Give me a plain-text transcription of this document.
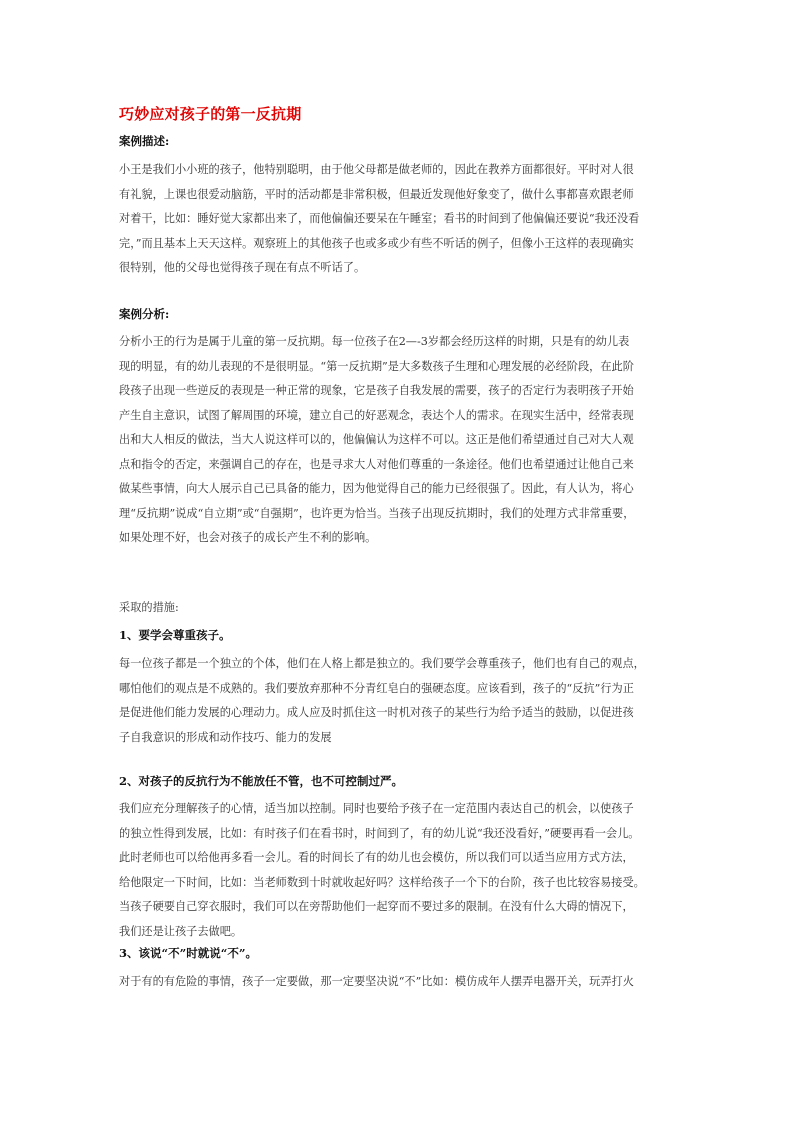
巧妙应对孩子的第一反抗期
案例描述:
小王是我们小小班的孩子，他特别聪明，由于他父母都是做老师的，因此在教养方面都很好。平时对人很
有礼貌，上课也很爱动脑筋，平时的活动都是非常积极，但最近发现他好象变了，做什么事都喜欢跟老师
对着干，比如：睡好觉大家都出来了，而他偏偏还要呆在午睡室；看书的时间到了他偏偏还要说“我还没看
完，”而且基本上天天这样。观察班上的其他孩子也或多或少有些不听话的例子，但像小王这样的表现确实
很特别，他的父母也觉得孩子现在有点不听话了。
案例分析:
分析小王的行为是属于儿童的第一反抗期。每一位孩子在2—-3岁都会经历这样的时期，只是有的幼儿表
现的明显，有的幼儿表现的不是很明显。“第一反抗期”是大多数孩子生理和心理发展的必经阶段，在此阶
段孩子出现一些逆反的表现是一种正常的现象，它是孩子自我发展的需要，孩子的否定行为表明孩子开始
产生自主意识，试图了解周围的环境，建立自己的好恶观念，表达个人的需求。在现实生活中，经常表现
出和大人相反的做法，当大人说这样可以的，他偏偏认为这样不可以。这正是他们希望通过自己对大人观
点和指令的否定，来强调自己的存在，也是寻求大人对他们尊重的一条途径。他们也希望通过让他自己来
做某些事情，向大人展示自己已具备的能力，因为他觉得自己的能力已经很强了。因此，有人认为，将心
理“反抗期”说成“自立期”或“自强期”，也许更为恰当。当孩子出现反抗期时，我们的处理方式非常重要，
如果处理不好，也会对孩子的成长产生不利的影响。
采取的措施:
1、要学会尊重孩子。
每一位孩子都是一个独立的个体，他们在人格上都是独立的。我们要学会尊重孩子，他们也有自己的观点，
哪怕他们的观点是不成熟的。我们要放弃那种不分青红皂白的强硬态度。应该看到，孩子的“反抗”行为正
是促进他们能力发展的心理动力。成人应及时抓住这一时机对孩子的某些行为给予适当的鼓励，以促进孩
子自我意识的形成和动作技巧、能力的发展
2、对孩子的反抗行为不能放任不管，也不可控制过严。
我们应充分理解孩子的心情，适当加以控制。同时也要给予孩子在一定范围内表达自己的机会，以使孩子
的独立性得到发展，比如：有时孩子们在看书时，时间到了，有的幼儿说“我还没看好，”硬要再看一会儿。
此时老师也可以给他再多看一会儿。看的时间长了有的幼儿也会模仿，所以我们可以适当应用方式方法，
给他限定一下时间，比如：当老师数到十时就收起好吗？这样给孩子一个下的台阶，孩子也比较容易接受。
当孩子硬要自己穿衣服时，我们可以在旁帮助他们一起穿而不要过多的限制。在没有什么大碍的情况下，
我们还是让孩子去做吧。
3、该说“不”时就说“不”。
对于有的有危险的事情，孩子一定要做，那一定要坚决说“不”比如：模仿成年人摆弄电器开关，玩弄打火
